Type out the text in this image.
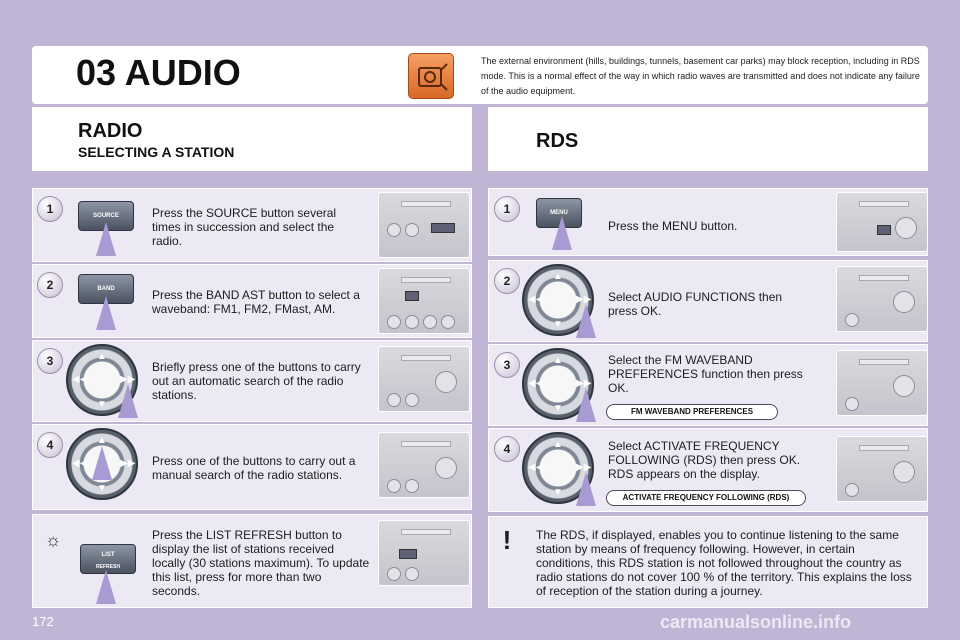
03 AUDIO	The external environment (hills, buildings, tunnels, basement car parks) may block reception, including in RDS mode. This is a normal effect of the way in which radio waves are transmitted and does not indicate any failure of the audio equipment.
RADIO
SELECTING A STATION	RDS
1	SOURCE	Press the SOURCE button several times in succession and select the radio.
2	BAND	Press the BAND AST button to select a waveband: FM1, FM2, FMast, AM.
3	▲
▼
◀◀	▶▶
Briefly press one of the buttons to carry out an automatic search of the radio stations.
4	▲
▼
◀◀	▶▶ Press one of the buttons to carry out a manual search of the radio stations.
☼
LIST
REFRESH
Press the LIST REFRESH button to display the list of stations received locally (30 stations maximum). To update this list, press for more than two seconds.
1	MENU
Press the MENU button.
2	▲
▼
◀◀	▶▶ Select AUDIO FUNCTIONS then press OK.
3	▲
▼
◀◀	▶▶
Select the FM WAVEBAND PREFERENCES function then press OK.
FM WAVEBAND PREFERENCES
4	▲
▼
◀◀	▶▶
Select ACTIVATE FREQUENCY FOLLOWING (RDS) then press OK. RDS appears on the display.
ACTIVATE FREQUENCY FOLLOWING (RDS)
!	The RDS, if displayed, enables you to continue listening to the same station by means of frequency following. However, in certain conditions, this RDS station is not followed throughout the country as radio stations do not cover 100 % of the territory. This explains the loss of reception of the station during a journey.
172	carmanualsonline.info
